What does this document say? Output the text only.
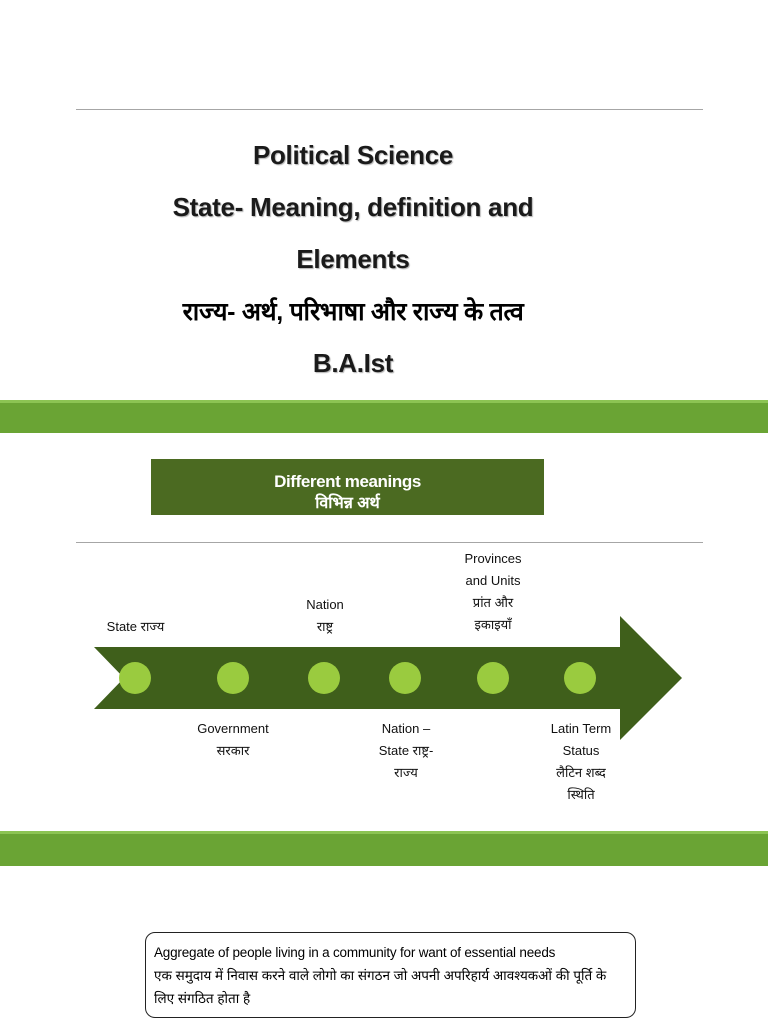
Political Science
State- Meaning, definition and
Elements
राज्य- अर्थ, परिभाषा और राज्य के तत्व
B.A.Ist
Different meanings
विभिन्न अर्थ
State राज्य
Nation
राष्ट्र
Provinces
and Units
प्रांत और
इकाइयाँ
Government
सरकार
Nation –
State राष्ट्र-
राज्य
Latin Term
Status
लैटिन शब्द
स्थिति
Aggregate of people living in a community for want of essential needs
एक समुदाय में निवास करने वाले लोगो का संगठन जो अपनी अपरिहार्य आवश्यकओं की पूर्ति के लिए संगठित होता है
